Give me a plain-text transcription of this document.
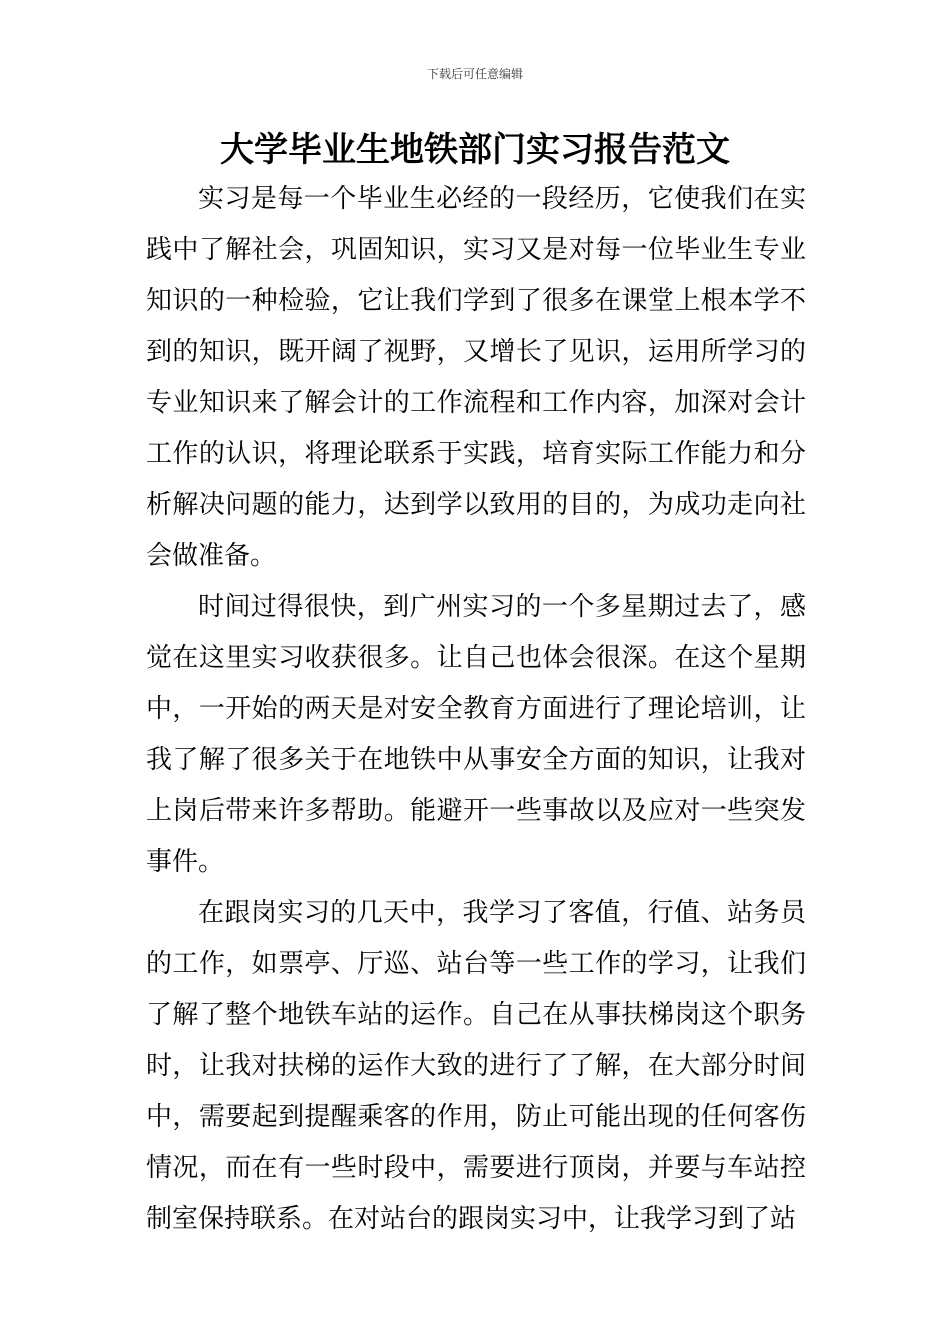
下载后可任意编辑
大学毕业生地铁部门实习报告范文

实习是每一个毕业生必经的一段经历，它使我们在实践中了解社会，巩固知识，实习又是对每一位毕业生专业知识的一种检验，它让我们学到了很多在课堂上根本学不到的知识，既开阔了视野，又增长了见识，运用所学习的专业知识来了解会计的工作流程和工作内容，加深对会计工作的认识，将理论联系于实践，培育实际工作能力和分析解决问题的能力，达到学以致用的目的，为成功走向社会做准备。

时间过得很快，到广州实习的一个多星期过去了，感觉在这里实习收获很多。让自己也体会很深。在这个星期中，一开始的两天是对安全教育方面进行了理论培训，让我了解了很多关于在地铁中从事安全方面的知识，让我对上岗后带来许多帮助。能避开一些事故以及应对一些突发事件。

在跟岗实习的几天中，我学习了客值，行值、站务员的工作，如票亭、厅巡、站台等一些工作的学习，让我们了解了整个地铁车站的运作。自己在从事扶梯岗这个职务时，让我对扶梯的运作大致的进行了了解，在大部分时间中，需要起到提醒乘客的作用，防止可能出现的任何客伤情况，而在有一些时段中，需要进行顶岗，并要与车站控制室保持联系。在对站台的跟岗实习中，让我学习到了站
